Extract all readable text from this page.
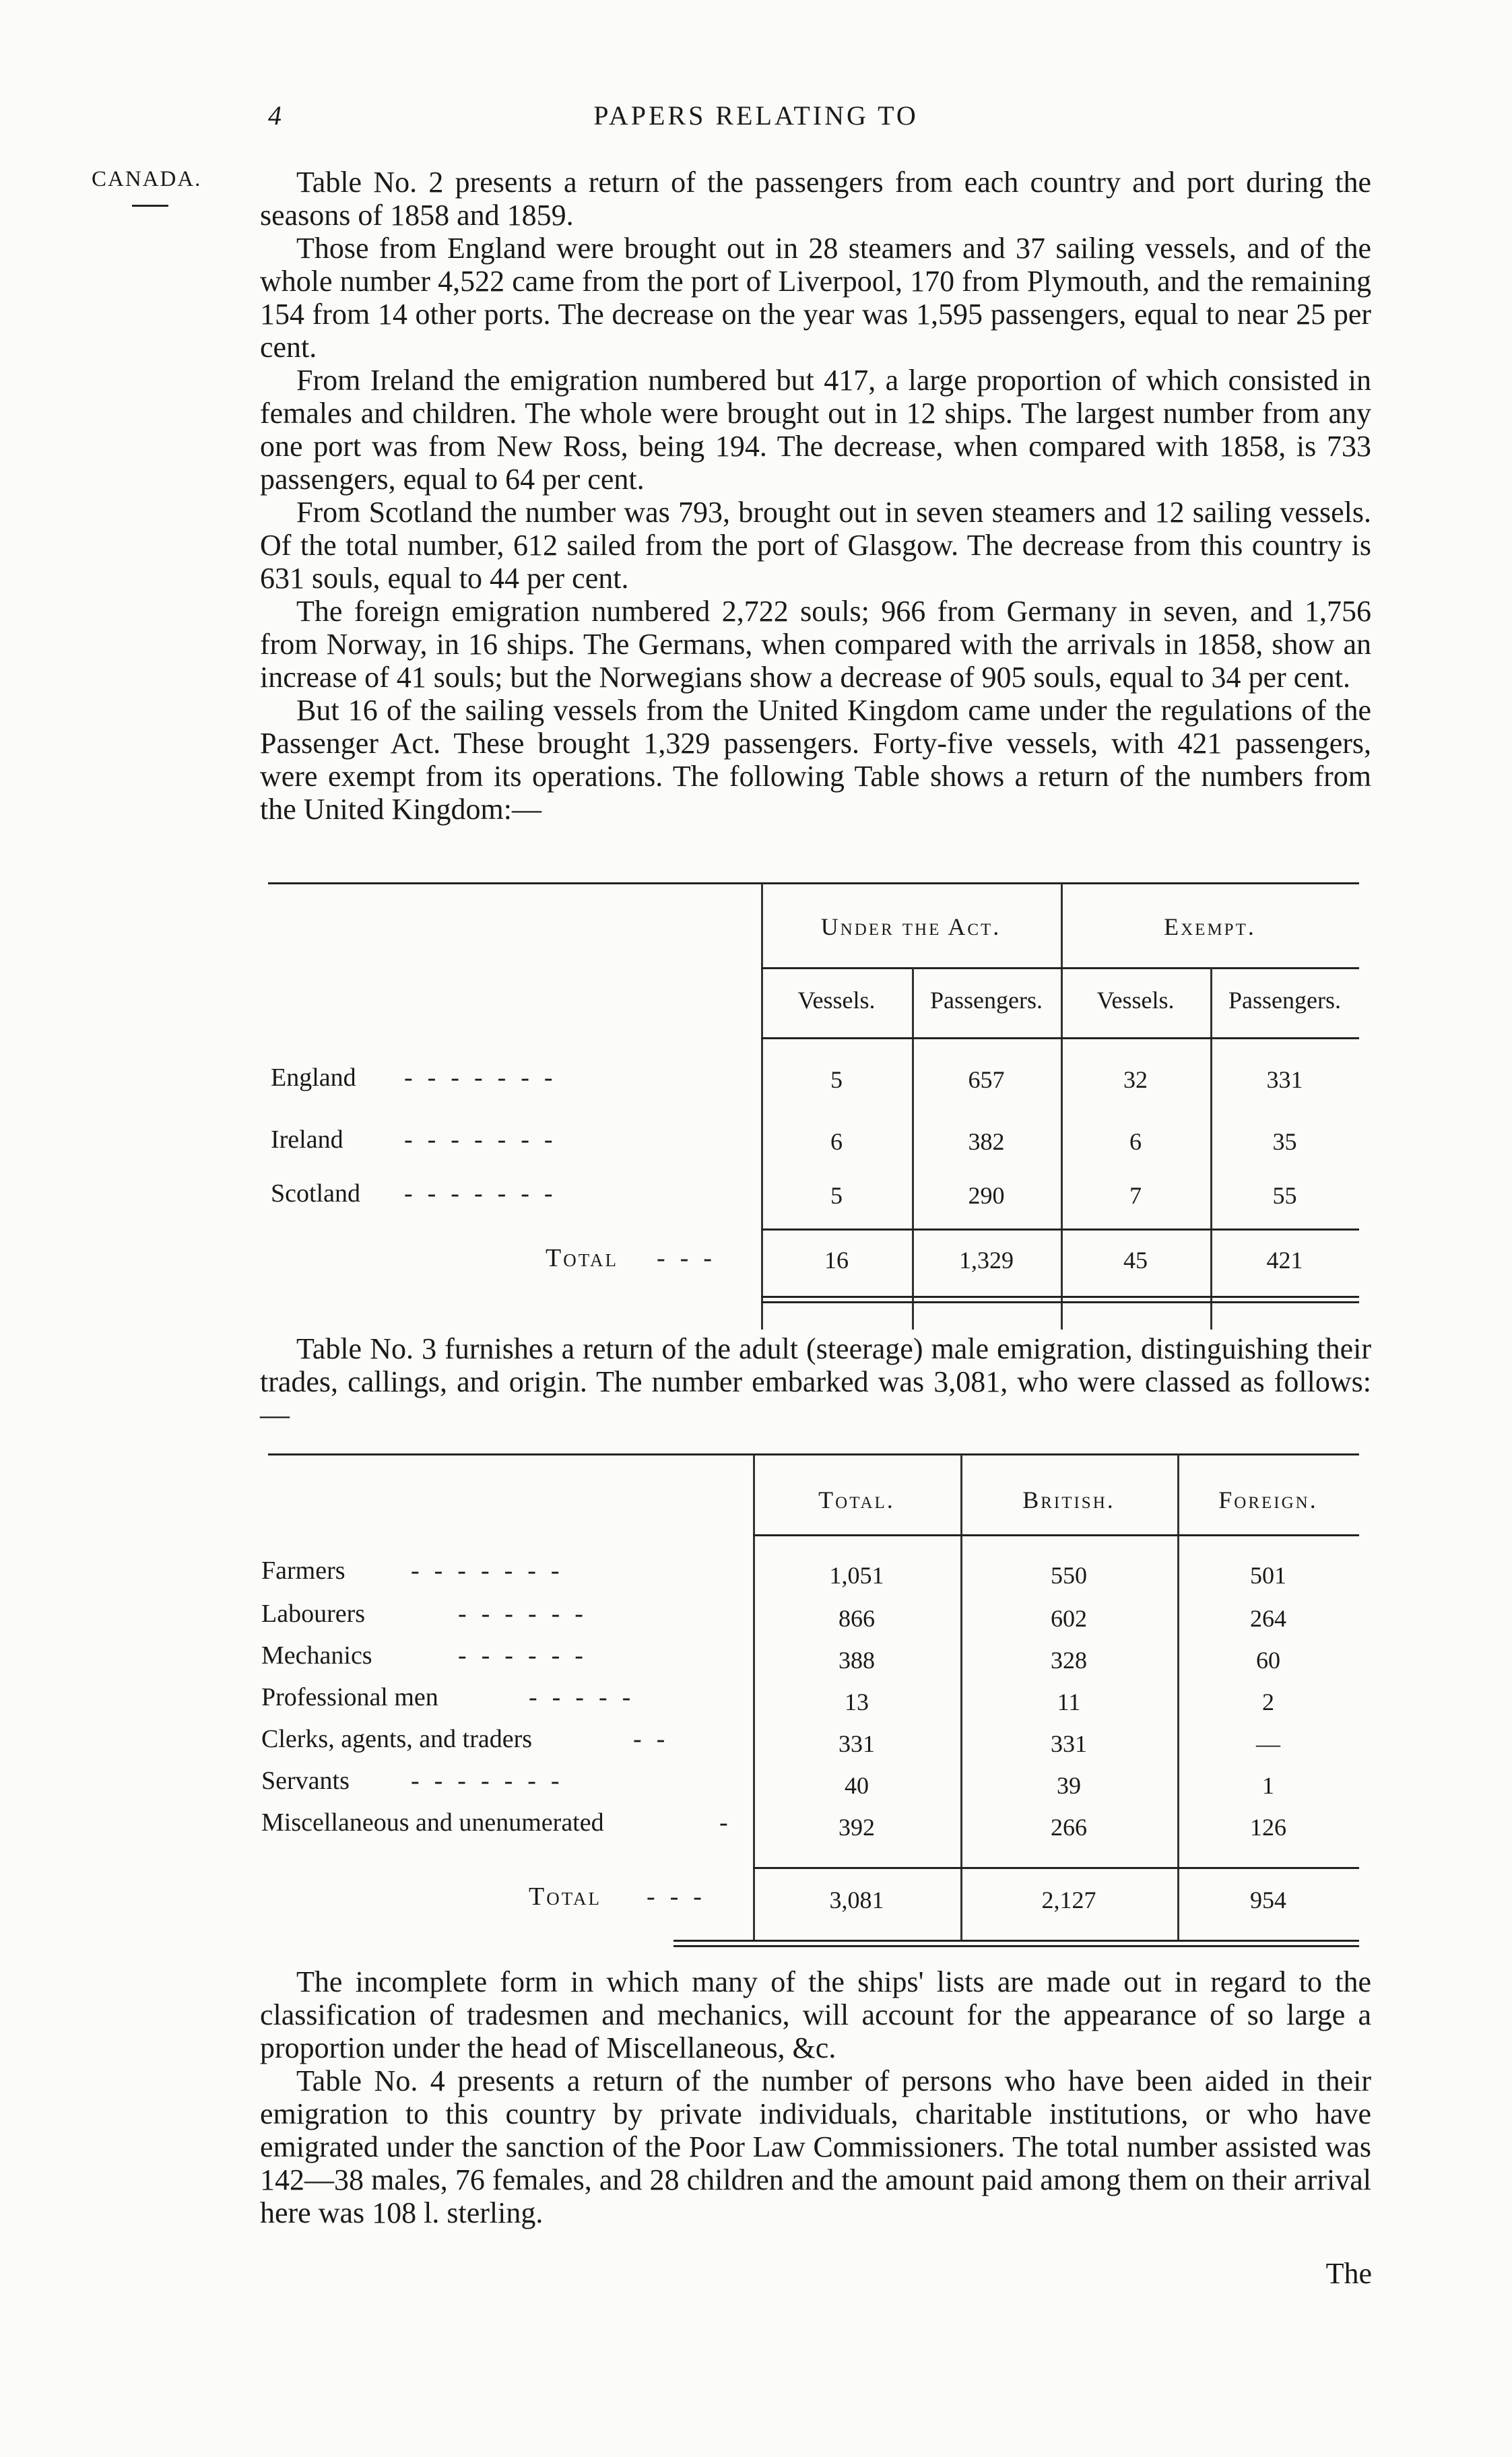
4	PAPERS RELATING TO
CANADA.	Table No. 2 presents a return of the passengers from each country and port during the seasons of 1858 and 1859.

Those from England were brought out in 28 steamers and 37 sailing vessels, and of the whole number 4,522 came from the port of Liverpool, 170 from Plymouth, and the remaining 154 from 14 other ports. The decrease on the year was 1,595 passengers, equal to near 25 per cent.

From Ireland the emigration numbered but 417, a large proportion of which consisted in females and children. The whole were brought out in 12 ships. The largest number from any one port was from New Ross, being 194. The decrease, when compared with 1858, is 733 passengers, equal to 64 per cent.

From Scotland the number was 793, brought out in seven steamers and 12 sailing vessels. Of the total number, 612 sailed from the port of Glasgow. The decrease from this country is 631 souls, equal to 44 per cent.

The foreign emigration numbered 2,722 souls; 966 from Germany in seven, and 1,756 from Norway, in 16 ships. The Germans, when compared with the arrivals in 1858, show an increase of 41 souls; but the Norwegians show a decrease of 905 souls, equal to 34 per cent.

But 16 of the sailing vessels from the United Kingdom came under the regulations of the Passenger Act. These brought 1,329 passengers. Forty-five vessels, with 421 passengers, were exempt from its operations. The following Table shows a return of the numbers from the United Kingdom:—

Under the Act.	Exempt.
Vessels.	Passengers.	Vessels.	Passengers.
England -------	5	657	32	331
Ireland -------	6	382	6	35
Scotland -------	5	290	7	55
Total ---	16	1,329	45	421

Table No. 3 furnishes a return of the adult (steerage) male emigration, distinguishing their trades, callings, and origin. The number embarked was 3,081, who were classed as follows:—

Total.	British.	Foreign.
Farmers	-------	1,051	550	501
Labourers	------	866	602	264
Mechanics	------	388	328	60
Professional men	-----	13	11	2
Clerks, agents, and traders	--	331	331	—
Servants -------	40	39	1
Miscellaneous and unenumerated	-	392	266	126
Total ---	3,081	2,127	954

The incomplete form in which many of the ships' lists are made out in regard to the classification of tradesmen and mechanics, will account for the appearance of so large a proportion under the head of Miscellaneous, &c.

Table No. 4 presents a return of the number of persons who have been aided in their emigration to this country by private individuals, charitable institutions, or who have emigrated under the sanction of the Poor Law Commissioners. The total number assisted was 142—38 males, 76 females, and 28 children and the amount paid among them on their arrival here was 108 l. sterling.

The
